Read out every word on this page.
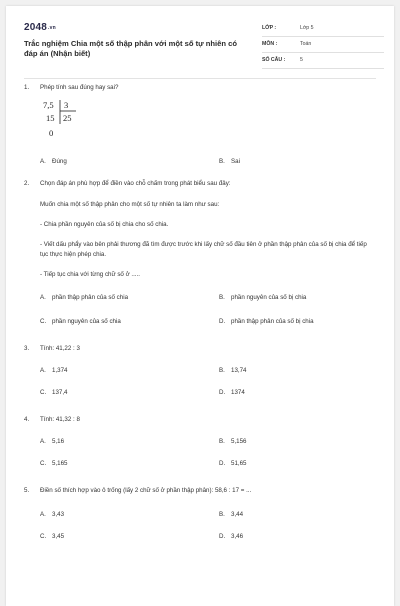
2048.vn
Trắc nghiệm Chia một số thập phân với một số tự nhiên có đáp án (Nhận biết)
LỚP :	Lớp 5
MÔN :	Toán
SỐ CÂU :	5
1. Phép tính sau đúng hay sai?
7,5 3
15 25
0
A. Đúng	B. Sai
2. Chọn đáp án phù hợp để điền vào chỗ chấm trong phát biểu sau đây:
Muốn chia một số thập phân cho một số tự nhiên ta làm như sau:
- Chia phần nguyên của số bị chia cho số chia.
- Viết dấu phẩy vào bên phải thương đã tìm được trước khi lấy chữ số đầu tiên ở phần thập phân của số bị chia để tiếp tục thực hiện phép chia.
- Tiếp tục chia với từng chữ số ở .....
A. phần thập phân của số chia	B. phần nguyên của số bị chia
C. phần nguyên của số chia	D. phần thập phân của số bị chia
3. Tính: 41,22 : 3
A. 1,374	B. 13,74
C. 137,4	D. 1374
4. Tính: 41,32 : 8
A. 5,16	B. 5,156
C. 5,165	D. 51,65
5. Điền số thích hợp vào ô trống (lấy 2 chữ số ở phần thập phân): 58,6 : 17 = ...
A. 3,43	B. 3,44
C. 3,45	D. 3,46
